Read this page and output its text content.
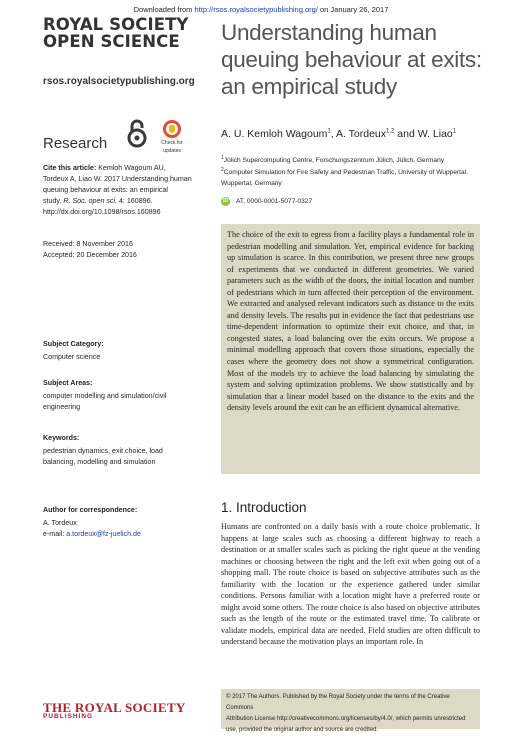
Downloaded from http://rsos.royalsocietypublishing.org/ on January 26, 2017
ROYAL SOCIETY
OPEN SCIENCE
rsos.royalsocietypublishing.org
Research	Check for
updates
Cite this article: Kemloh Wagoum AU,
Tordeux A, Liao W. 2017 Understanding human
queuing behaviour at exits: an empirical
study. R. Soc. open sci. 4: 160896.
http://dx.doi.org/10.1098/rsos.160896
Received: 8 November 2016
Accepted: 20 December 2016
Subject Category:
Computer science
Subject Areas:
computer modelling and simulation/civil
engineering
Keywords:
pedestrian dynamics, exit choice, load
balancing, modelling and simulation
Author for correspondence:
A. Tordeux
e-mail: a.tordeux@fz-juelich.de
Understanding human
queuing behaviour at exits:
an empirical study
A. U. Kemloh Wagoum$^1$, A. Tordeux$^{1,2}$ and W. Liao$^1$
$^1$Jülich Supercomputing Centre, Forschungszentrum Jülich, Jülich, Germany
$^2$Computer Simulation for Fire Safety and Pedestrian Traffic, University of Wuppertal,
Wuppertal, Germany
iD	AT, 0000-0001-5077-0327
The choice of the exit to egress from a facility plays a fundamental role in pedestrian modelling and simulation. Yet, empirical evidence for backing up simulation is scarce. In this contribution, we present three new groups of experiments that we conducted in different geometries. We varied parameters such as the width of the doors, the initial location and number of pedestrians which in turn affected their perception of the environment. We extracted and analysed relevant indicators such as distance to the exits and density levels. The results put in evidence the fact that pedestrians use time-dependent information to optimize their exit choice, and that, in congested states, a load balancing over the exits occurs. We propose a minimal modelling approach that covers those situations, especially the cases where the geometry does not show a symmetrical configuration. Most of the models try to achieve the load balancing by simulating the system and solving optimization problems. We show statistically and by simulation that a linear model based on the distance to the exits and the density levels around the exit can be an efficient dynamical alternative.
1. Introduction
Humans are confronted on a daily basis with a route choice problematic. It happens at large scales such as choosing a different highway to reach a destination or at smaller scales such as picking the right queue at the vending machines or choosing between the right and the left exit when going out of a shopping mall. The route choice is based on subjective attributes such as the familiarity with the location or the experience gathered under similar conditions. Persons familiar with a location might have a preferred route or might avoid some others. The route choice is also based on objective attributes such as the length of the route or the estimated travel time. To calibrate or validate models, empirical data are needed. Field studies are often difficult to understand because the motivation plays an important role. In
THE ROYAL SOCIETY
PUBLISHING
© 2017 The Authors. Published by the Royal Society under the terms of the Creative Commons
Attribution License http://creativecommons.org/licenses/by/4.0/, which permits unrestricted
use, provided the original author and source are credited.
